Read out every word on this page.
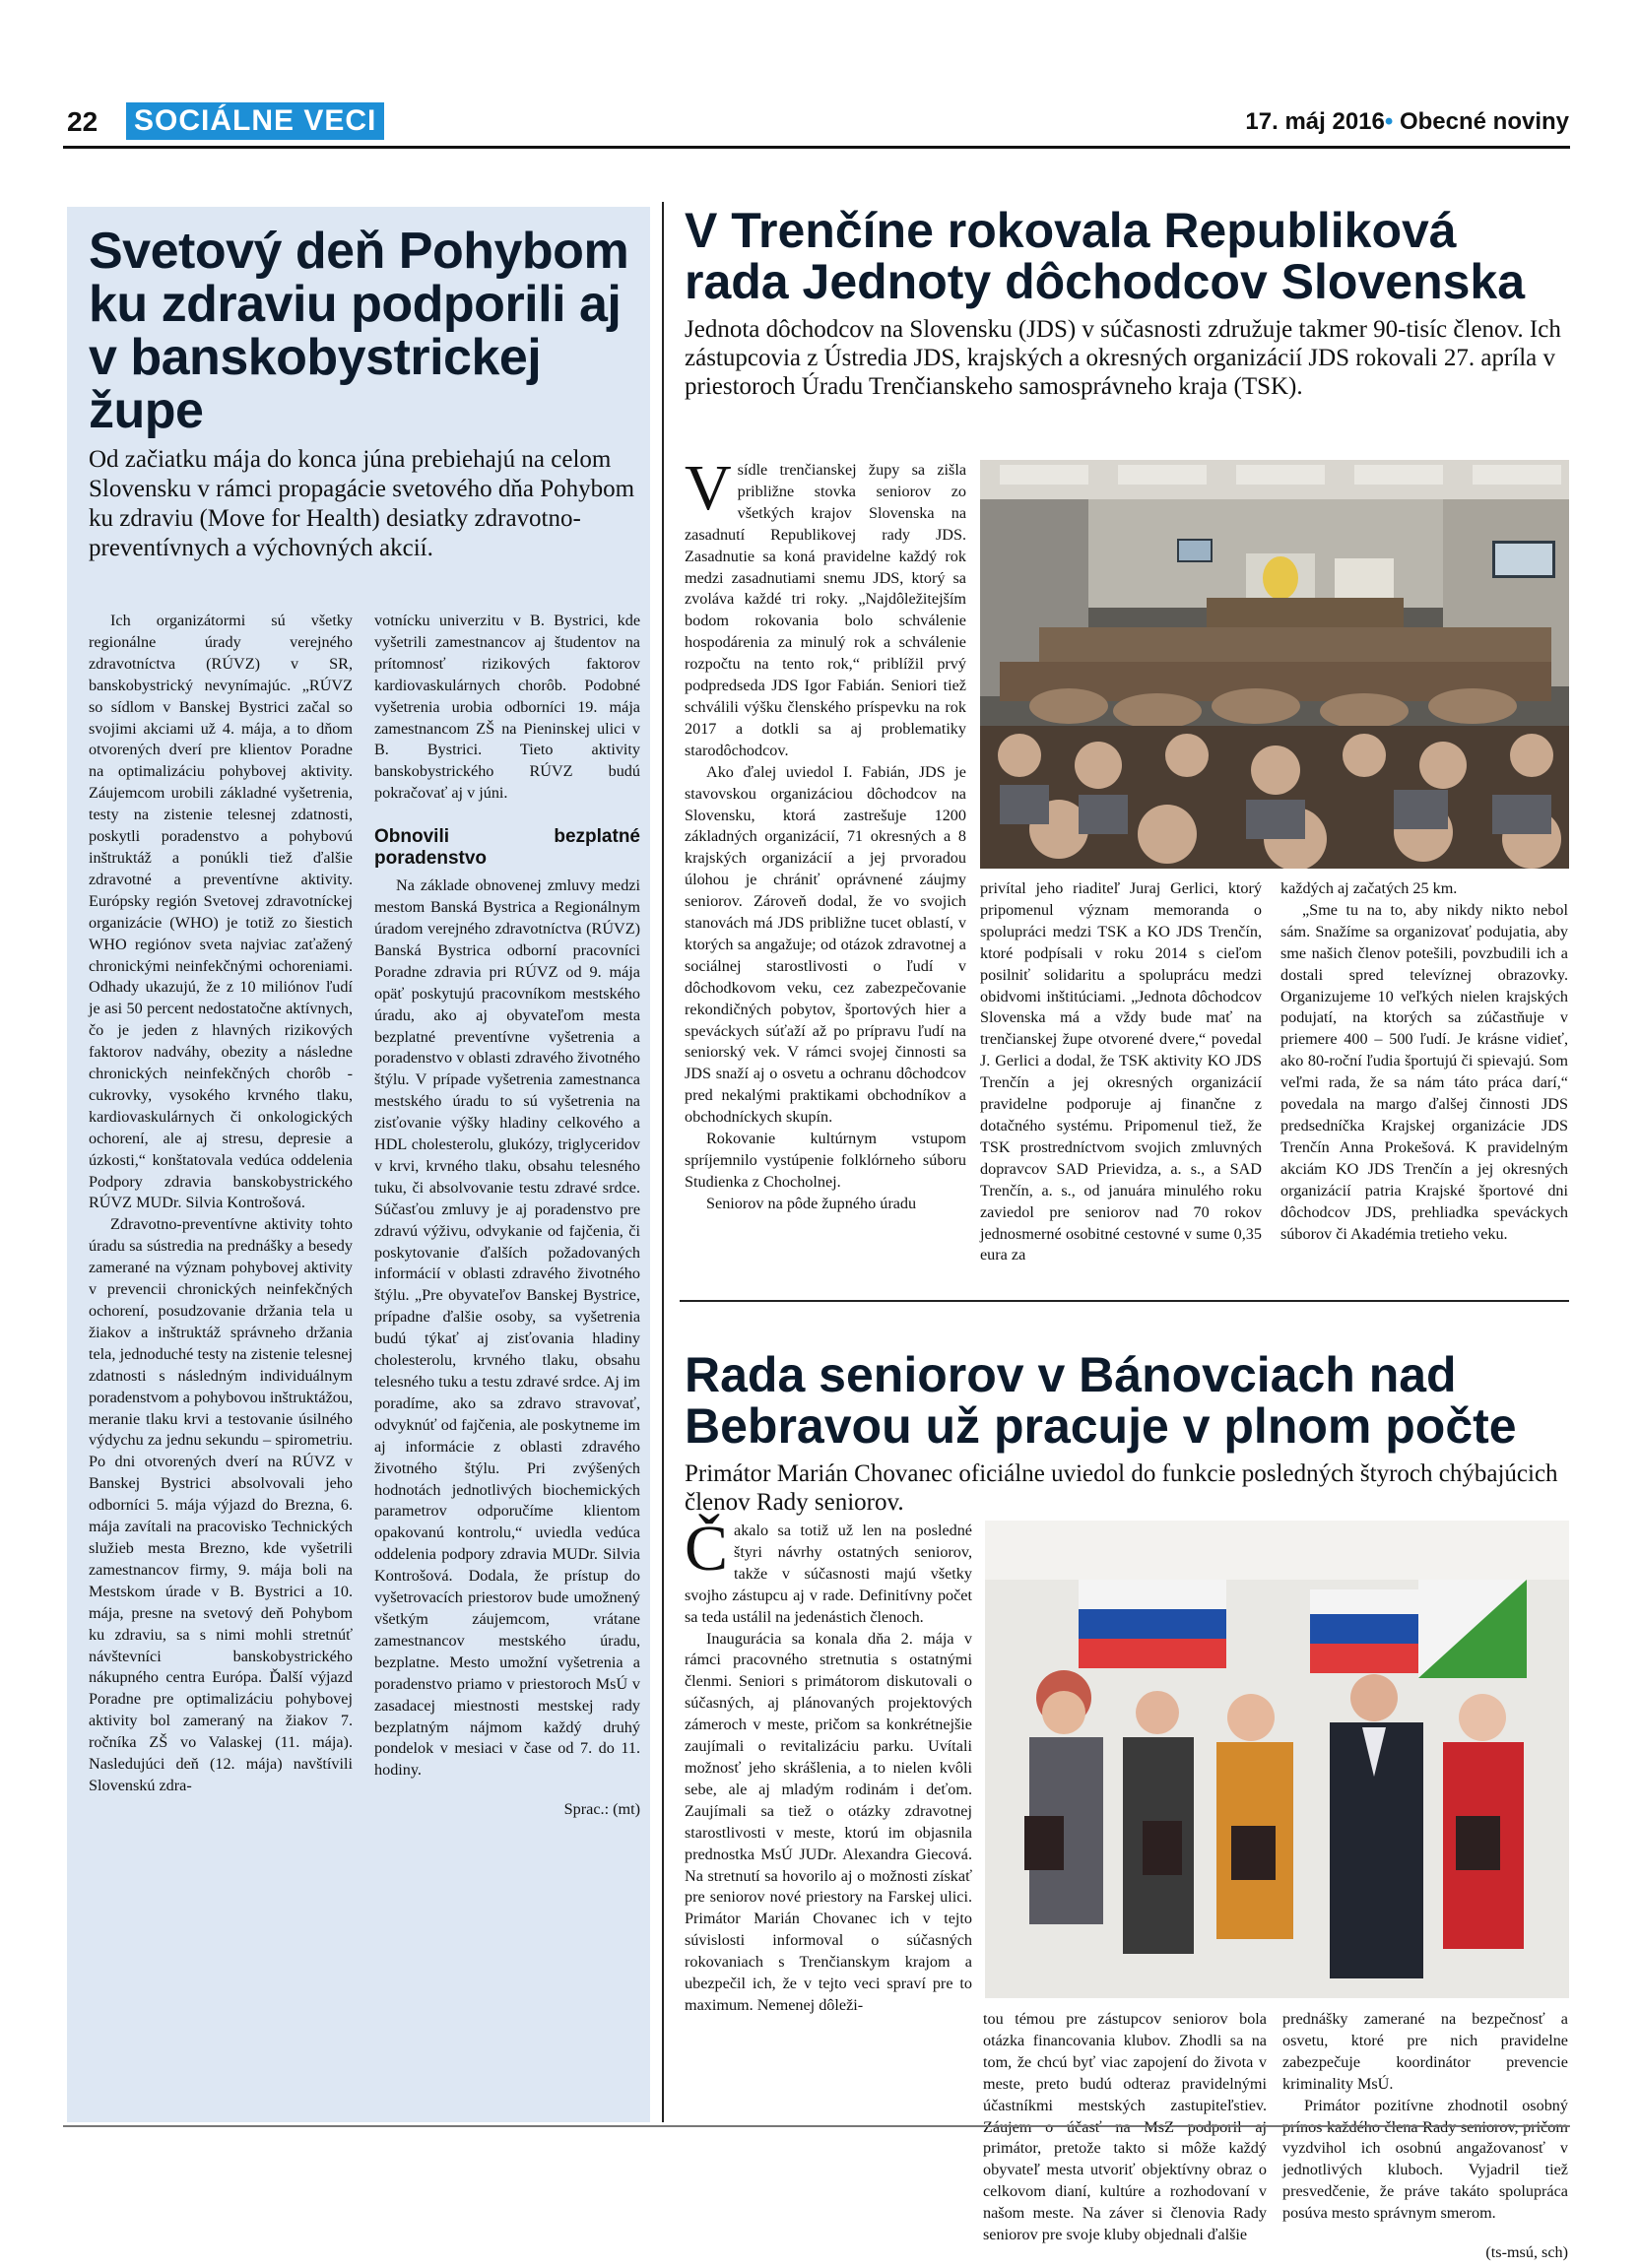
22 SOCIÁLNE VECI	17. máj 2016• Obecné noviny
Svetový deň Pohybom ku zdraviu podporili aj v banskobystrickej župe
Od začiatku mája do konca júna prebiehajú na celom Slovensku v rámci propagácie svetového dňa Pohybom ku zdraviu (Move for Health) desiatky zdravotno-preventívnych a výchovných akcií.

Ich organizátormi sú všetky regionálne úrady verejného zdravotníctva (RÚVZ) v SR, banskobystrický nevynímajúc. „RÚVZ so sídlom v Banskej Bystrici začal so svojimi akciami už 4. mája, a to dňom otvorených dverí pre klientov Poradne na optimalizáciu pohybovej aktivity. Záujemcom urobili základné vyšetrenia, testy na zistenie telesnej zdatnosti, poskytli poradenstvo a pohybovú inštruktáž a ponúkli tiež ďalšie zdravotné a preventívne aktivity. Európsky región Svetovej zdravotníckej organizácie (WHO) je totiž zo šiestich WHO regiónov sveta najviac zaťažený chronickými neinfekčnými ochoreniami. Odhady ukazujú, že z 10 miliónov ľudí je asi 50 percent nedostatočne aktívnych, čo je jeden z hlavných rizikových faktorov nadváhy, obezity a následne chronických neinfekčných chorôb - cukrovky, vysokého krvného tlaku, kardiovaskulárnych či onkologických ochorení, ale aj stresu, depresie a úzkosti,“ konštatovala vedúca oddelenia Podpory zdravia banskobystrického RÚVZ MUDr. Silvia Kontrošová.

Zdravotno-preventívne aktivity tohto úradu sa sústredia na prednášky a besedy zamerané na význam pohybovej aktivity v prevencii chronických neinfekčných ochorení, posudzovanie držania tela u žiakov a inštruktáž správneho držania tela, jednoduché testy na zistenie telesnej zdatnosti s následným individuálnym poradenstvom a pohybovou inštruktážou, meranie tlaku krvi a testovanie úsilného výdychu za jednu sekundu – spirometriu. Po dni otvorených dverí na RÚVZ v Banskej Bystrici absolvovali jeho odborníci 5. mája výjazd do Brezna, 6. mája zavítali na pracovisko Technických služieb mesta Brezno, kde vyšetrili zamestnancov firmy, 9. mája boli na Mestskom úrade v B. Bystrici a 10. mája, presne na svetový deň Pohybom ku zdraviu, sa s nimi mohli stretnúť návštevníci banskobystrického nákupného centra Európa. Ďalší výjazd Poradne pre optimalizáciu pohybovej aktivity bol zameraný na žiakov 7. ročníka ZŠ vo Valaskej (11. mája). Nasledujúci deň (12. mája) navštívili Slovenskú zdra-

votnícku univerzitu v B. Bystrici, kde vyšetrili zamestnancov aj študentov na prítomnosť rizikových faktorov kardiovaskulárnych chorôb. Podobné vyšetrenia urobia odborníci 19. mája zamestnancom ZŠ na Pieninskej ulici v B. Bystrici. Tieto aktivity banskobystrického RÚVZ budú pokračovať aj v júni.

Obnovili bezplatné poradenstvo

Na základe obnovenej zmluvy medzi mestom Banská Bystrica a Regionálnym úradom verejného zdravotníctva (RÚVZ) Banská Bystrica odborní pracovníci Poradne zdravia pri RÚVZ od 9. mája opäť poskytujú pracovníkom mestského úradu, ako aj obyvateľom mesta bezplatné preventívne vyšetrenia a poradenstvo v oblasti zdravého životného štýlu. V prípade vyšetrenia zamestnanca mestského úradu to sú vyšetrenia na zisťovanie výšky hladiny celkového a HDL cholesterolu, glukózy, triglyceridov v krvi, krvného tlaku, obsahu telesného tuku, či absolvovanie testu zdravé srdce. Súčasťou zmluvy je aj poradenstvo pre zdravú výživu, odvykanie od fajčenia, či poskytovanie ďalších požadovaných informácií v oblasti zdravého životného štýlu. „Pre obyvateľov Banskej Bystrice, prípadne ďalšie osoby, sa vyšetrenia budú týkať aj zisťovania hladiny cholesterolu, krvného tlaku, obsahu telesného tuku a testu zdravé srdce. Aj im poradíme, ako sa zdravo stravovať, odvyknúť od fajčenia, ale poskytneme im aj informácie z oblasti zdravého životného štýlu. Pri zvýšených hodnotách jednotlivých biochemických parametrov odporučíme klientom opakovanú kontrolu,“ uviedla vedúca oddelenia podpory zdravia MUDr. Silvia Kontrošová. Dodala, že prístup do vyšetrovacích priestorov bude umožnený všetkým záujemcom, vrátane zamestnancov mestského úradu, bezplatne. Mesto umožní vyšetrenia a poradenstvo priamo v priestoroch MsÚ v zasadacej miestnosti mestskej rady bezplatným nájmom každý druhý pondelok v mesiaci v čase od 7. do 11. hodiny.

Sprac.: (mt)
V Trenčíne rokovala Republiková rada Jednoty dôchodcov Slovenska
Jednota dôchodcov na Slovensku (JDS) v súčasnosti združuje takmer 90-tisíc členov. Ich zástupcovia z Ústredia JDS, krajských a okresných organizácií JDS rokovali 27. apríla v priestoroch Úradu Trenčianskeho samosprávneho kraja (TSK).

Vsídle trenčianskej župy sa zišla približne stovka seniorov zo všetkých krajov Slovenska na zasadnutí Republikovej rady JDS. Zasadnutie sa koná pravidelne každý rok medzi zasadnutiami snemu JDS, ktorý sa zvoláva každé tri roky. „Najdôležitejším bodom rokovania bolo schválenie hospodárenia za minulý rok a schválenie rozpočtu na tento rok,“ priblížil prvý podpredseda JDS Igor Fabián. Seniori tiež schválili výšku členského príspevku na rok 2017 a dotkli sa aj problematiky starodôchodcov.

Ako ďalej uviedol I. Fabián, JDS je stavovskou organizáciou dôchodcov na Slovensku, ktorá zastrešuje 1200 základných organizácií, 71 okresných a 8 krajských organizácií a jej prvoradou úlohou je chrániť oprávnené záujmy seniorov. Zároveň dodal, že vo svojich stanovách má JDS približne tucet oblastí, v ktorých sa angažuje; od otázok zdravotnej a sociálnej starostlivosti o ľudí v dôchodkovom veku, cez zabezpečovanie rekondičných pobytov, športových hier a speváckych súťaží až po prípravu ľudí na seniorský vek. V rámci svojej činnosti sa JDS snaží aj o osvetu a ochranu dôchodcov pred nekalými praktikami obchodníkov a obchodníckych skupín.

Rokovanie kultúrnym vstupom spríjemnilo vystúpenie folklórneho súboru Studienka z Chocholnej.

Seniorov na pôde župného úradu

privítal jeho riaditeľ Juraj Gerlici, ktorý pripomenul význam memoranda o spolupráci medzi TSK a KO JDS Trenčín, ktoré podpísali v roku 2014 s cieľom posilniť solidaritu a spoluprácu medzi obidvomi inštitúciami. „Jednota dôchodcov Slovenska má a vždy bude mať na trenčianskej župe otvorené dvere,“ povedal J. Gerlici a dodal, že TSK aktivity KO JDS Trenčín a jej okresných organizácií pravidelne podporuje aj finančne z dotačného systému. Pripomenul tiež, že TSK prostredníctvom svojich zmluvných dopravcov SAD Prievidza, a. s., a SAD Trenčín, a. s., od januára minulého roku zaviedol pre seniorov nad 70 rokov jednosmerné osobitné cestovné v sume 0,35 eura za

každých aj začatých 25 km.

„Sme tu na to, aby nikdy nikto nebol sám. Snažíme sa organizovať podujatia, aby sme našich členov potešili, povzbudili ich a dostali spred televíznej obrazovky. Organizujeme 10 veľkých nielen krajských podujatí, na ktorých sa zúčastňuje v priemere 400 – 500 ľudí. Je krásne vidieť, ako 80-roční ľudia športujú či spievajú. Som veľmi rada, že sa nám táto práca darí,“ povedala na margo ďalšej činnosti JDS predsedníčka Krajskej organizácie JDS Trenčín Anna Prokešová. K pravidelným akciám KO JDS Trenčín a jej okresných organizácií patria Krajské športové dni dôchodcov JDS, prehliadka speváckych súborov či Akadémia tretieho veku.

Rada seniorov v Bánovciach nad Bebravou už pracuje v plnom počte
Primátor Marián Chovanec oficiálne uviedol do funkcie posledných štyroch chýbajúcich členov Rady seniorov.

Čakalo sa totiž už len na posledné štyri návrhy ostatných seniorov, takže v súčasnosti majú všetky svojho zástupcu aj v rade. Definitívny počet sa teda ustálil na jedenástich členoch.

Inaugurácia sa konala dňa 2. mája v rámci pracovného stretnutia s ostatnými členmi. Seniori s primátorom diskutovali o súčasných, aj plánovaných projektových zámeroch v meste, pričom sa konkrétnejšie zaujímali o revitalizáciu parku. Uvítali možnosť jeho skrášlenia, a to nielen kvôli sebe, ale aj mladým rodinám i deťom. Zaujímali sa tiež o otázky zdravotnej starostlivosti v meste, ktorú im objasnila prednostka MsÚ JUDr. Alexandra Giecová. Na stretnutí sa hovorilo aj o možnosti získať pre seniorov nové priestory na Farskej ulici. Primátor Marián Chovanec ich v tejto súvislosti informoval o súčasných rokovaniach s Trenčianskym krajom a ubezpečil ich, že v tejto veci spraví pre to maximum. Nemenej dôleži-

tou témou pre zástupcov seniorov bola otázka financovania klubov. Zhodli sa na tom, že chcú byť viac zapojení do života v meste, preto budú odteraz pravidelnými účastníkmi mestských zastupiteľstiev. primátor, pretože takto si môže každý obyvateľ mesta utvoriť objektívny obraz o celkovom dianí, kultúre a rozhodovaní v našom meste. Na záver si členovia Rady seniorov pre svoje kluby objednali ďalšie

prednášky zamerané na bezpečnosť a osvetu, ktoré pre nich pravidelne zabezpečuje koordinátor prevencie kriminality MsÚ.

Primátor pozitívne zhodnotil osobný vyzdvihol ich osobnú angažovanosť v jednotlivých kluboch. Vyjadril tiež presvedčenie, že práve takáto spolupráca posúva mesto správnym smerom.

(ts-msú, sch)
